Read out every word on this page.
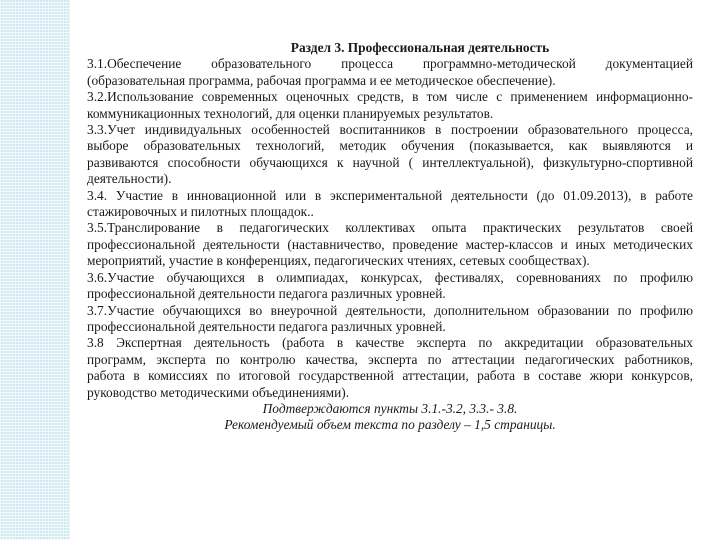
Раздел 3. Профессиональная деятельность

3.1.Обеспечение образовательного процесса программно-методической документацией
(образовательная программа, рабочая программа и ее методическое обеспечение).
3.2.Использование современных оценочных средств, в том числе с применением информационно-
коммуникационных технологий, для оценки планируемых результатов.
3.3.Учет индивидуальных особенностей воспитанников в построении образовательного процесса,
выборе образовательных технологий, методик обучения (показывается, как выявляются и
развиваются способности обучающихся к научной ( интеллектуальной), физкультурно-спортивной
деятельности).
3.4. Участие в инновационной или в экспериментальной деятельности (до 01.09.2013), в работе
стажировочных и пилотных площадок..
3.5.Транслирование в педагогических коллективах опыта практических результатов своей
профессиональной деятельности (наставничество, проведение мастер-классов и иных методических
мероприятий, участие в конференциях, педагогических чтениях, сетевых сообществах).
3.6.Участие обучающихся в олимпиадах, конкурсах, фестивалях, соревнованиях по профилю
профессиональной деятельности педагога различных уровней.
3.7.Участие обучающихся во внеурочной деятельности, дополнительном образовании по профилю
профессиональной деятельности педагога различных уровней.
3.8 Экспертная деятельность (работа в качестве эксперта по аккредитации образовательных
программ, эксперта по контролю качества, эксперта по аттестации педагогических работников,
работа в комиссиях по итоговой государственной аттестации, работа в составе жюри конкурсов,
руководство методическими объединениями).

Подтверждаются пункты 3.1.-3.2, 3.3.- 3.8.

Рекомендуемый объем текста по разделу – 1,5 страницы.
